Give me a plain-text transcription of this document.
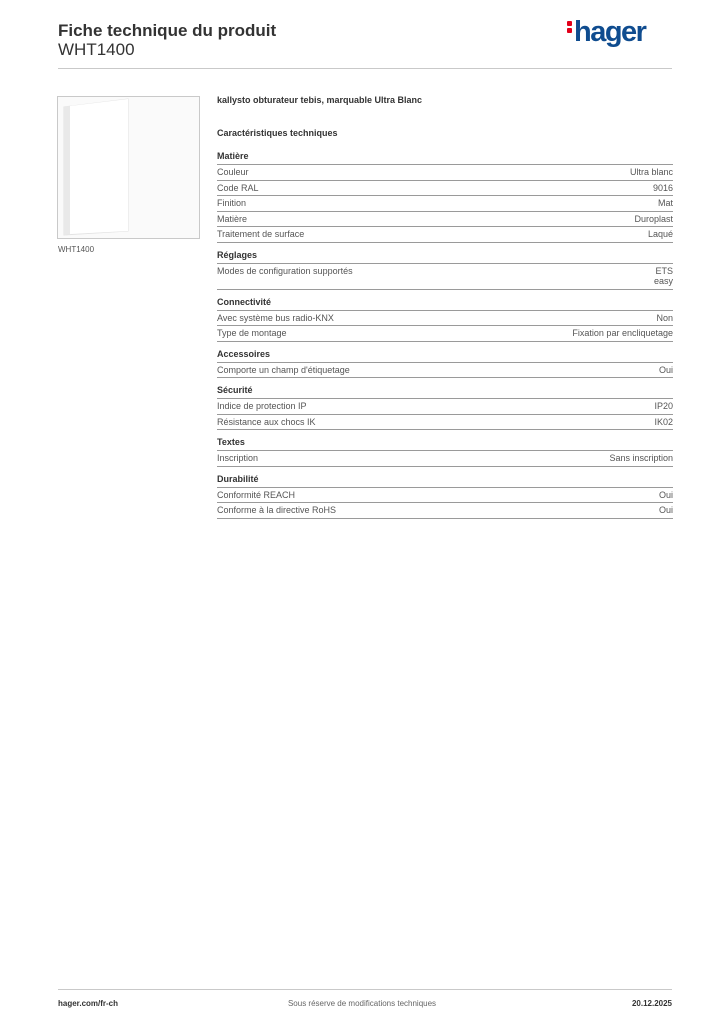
Fiche technique du produit
WHT1400
hager
WHT1400
kallysto obturateur tebis, marquable Ultra Blanc
Caractéristiques techniques
Matière
Couleur	Ultra blanc
Code RAL	9016
Finition	Mat
Matière	Duroplast
Traitement de surface	Laqué
Réglages
Modes de configuration supportés	ETS
easy
Connectivité
Avec système bus radio-KNX	Non
Type de montage	Fixation par encliquetage
Accessoires
Comporte un champ d'étiquetage	Oui
Sécurité
Indice de protection IP	IP20
Résistance aux chocs IK	IK02
Textes
Inscription	Sans inscription
Durabilité
Conformité REACH	Oui
Conforme à la directive RoHS	Oui
hager.com/fr-ch	Sous réserve de modifications techniques	20.12.2025
